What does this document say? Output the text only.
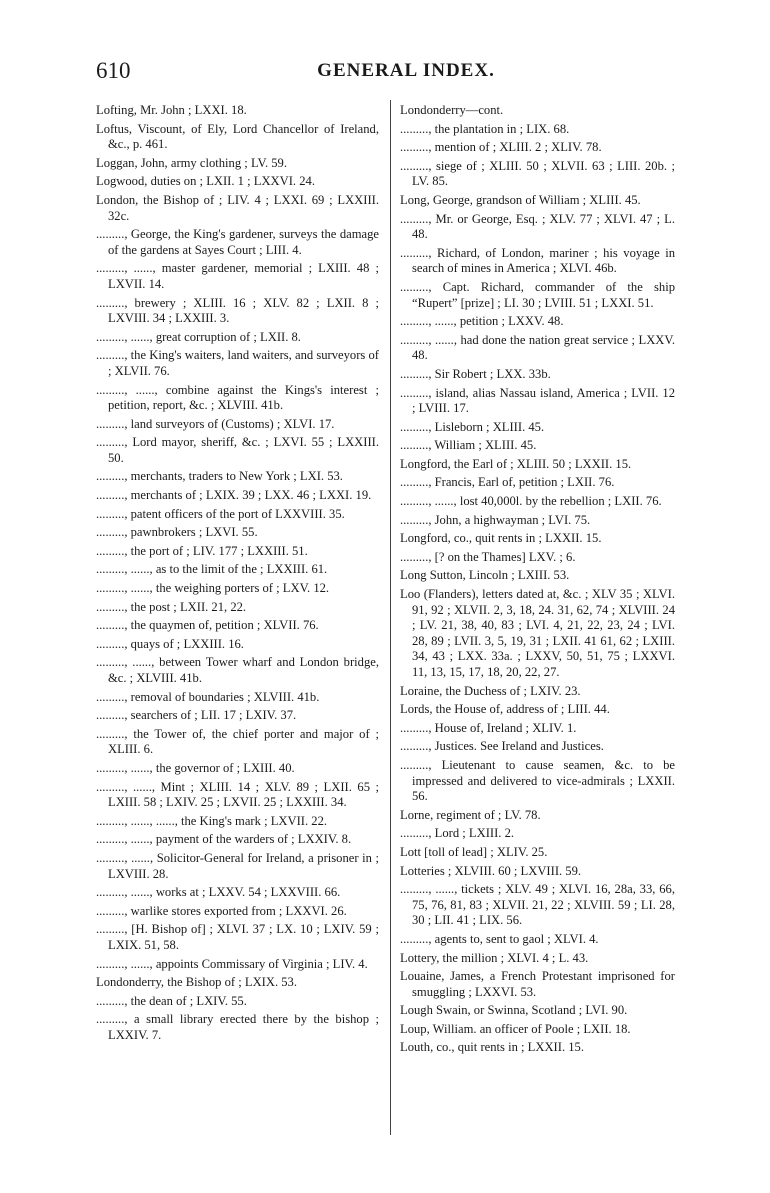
610	GENERAL INDEX.
Lofting, Mr. John ; LXXI. 18.
Loftus, Viscount, of Ely, Lord Chancellor of Ireland, &c., p. 461.
Loggan, John, army clothing ; LV. 59.
Logwood, duties on ; LXII. 1 ; LXXVI. 24.
London, the Bishop of ; LIV. 4 ; LXXI. 69 ; LXXIII. 32c.
........., George, the King's gardener, surveys the damage of the gardens at Sayes Court ; LIII. 4.
........., ......, master gardener, memorial ; LXIII. 48 ; LXVII. 14.
........., brewery ; XLIII. 16 ; XLV. 82 ; LXII. 8 ; LXVIII. 34 ; LXXIII. 3.
........., ......, great corruption of ; LXII. 8.
........., the King's waiters, land waiters, and surveyors of ; XLVII. 76.
........., ......, combine against the Kings's interest ; petition, report, &c. ; XLVIII. 41b.
........., land surveyors of (Customs) ; XLVI. 17.
........., Lord mayor, sheriff, &c. ; LXVI. 55 ; LXXIII. 50.
........., merchants, traders to New York ; LXI. 53.
........., merchants of ; LXIX. 39 ; LXX. 46 ; LXXI. 19.
........., patent officers of the port of LXXVIII. 35.
........., pawnbrokers ; LXVI. 55.
........., the port of ; LIV. 177 ; LXXIII. 51.
........., ......, as to the limit of the ; LXXIII. 61.
........., ......, the weighing porters of ; LXV. 12.
........., the post ; LXII. 21, 22.
........., the quaymen of, petition ; XLVII. 76.
........., quays of ; LXXIII. 16.
........., ......, between Tower wharf and London bridge, &c. ; XLVIII. 41b.
........., removal of boundaries ; XLVIII. 41b.
........., searchers of ; LII. 17 ; LXIV. 37.
........., the Tower of, the chief porter and major of ; XLIII. 6.
........., ......, the governor of ; LXIII. 40.
........., ......, Mint ; XLIII. 14 ; XLV. 89 ; LXII. 65 ; LXIII. 58 ; LXIV. 25 ; LXVII. 25 ; LXXIII. 34.
........., ......, ......, the King's mark ; LXVII. 22.
........., ......, payment of the warders of ; LXXIV. 8.
........., ......, Solicitor-General for Ireland, a prisoner in ; LXVIII. 28.
........., ......, works at ; LXXV. 54 ; LXXVIII. 66.
........., warlike stores exported from ; LXXVI. 26.
........., [H. Bishop of] ; XLVI. 37 ; LX. 10 ; LXIV. 59 ; LXIX. 51, 58.
........., ......, appoints Commissary of Virginia ; LIV. 4.
Londonderry, the Bishop of ; LXIX. 53.
........., the dean of ; LXIV. 55.
........., a small library erected there by the bishop ; LXXIV. 7.
Londonderry—cont.
........., the plantation in ; LIX. 68.
........., mention of ; XLIII. 2 ; XLIV. 78.
........., siege of ; XLIII. 50 ; XLVII. 63 ; LIII. 20b. ; LV. 85.
Long, George, grandson of William ; XLIII. 45.
........., Mr. or George, Esq. ; XLV. 77 ; XLVI. 47 ; L. 48.
........., Richard, of London, mariner ; his voyage in search of mines in America ; XLVI. 46b.
........., Capt. Richard, commander of the ship “Rupert” [prize] ; LI. 30 ; LVIII. 51 ; LXXI. 51.
........., ......, petition ; LXXV. 48.
........., ......, had done the nation great service ; LXXV. 48.
........., Sir Robert ; LXX. 33b.
........., island, alias Nassau island, America ; LVII. 12 ; LVIII. 17.
........., Lisleborn ; XLIII. 45.
........., William ; XLIII. 45.
Longford, the Earl of ; XLIII. 50 ; LXXII. 15.
........., Francis, Earl of, petition ; LXII. 76.
........., ......, lost 40,000l. by the rebellion ; LXII. 76.
........., John, a highwayman ; LVI. 75.
Longford, co., quit rents in ; LXXII. 15.
........., [? on the Thames] LXV. ; 6.
Long Sutton, Lincoln ; LXIII. 53.
Loo (Flanders), letters dated at, &c. ; XLV 35 ; XLVI. 91, 92 ; XLVII. 2, 3, 18, 24. 31, 62, 74 ; XLVIII. 24 ; LV. 21, 38, 40, 83 ; LVI. 4, 21, 22, 23, 24 ; LVI. 28, 89 ; LVII. 3, 5, 19, 31 ; LXII. 41 61, 62 ; LXIII. 34, 43 ; LXX. 33a. ; LXXV, 50, 51, 75 ; LXXVI. 11, 13, 15, 17, 18, 20, 22, 27.
Loraine, the Duchess of ; LXIV. 23.
Lords, the House of, address of ; LIII. 44.
........., House of, Ireland ; XLIV. 1.
........., Justices. See Ireland and Justices.
........., Lieutenant to cause seamen, &c. to be impressed and delivered to vice-admirals ; LXXII. 56.
Lorne, regiment of ; LV. 78.
........., Lord ; LXIII. 2.
Lott [toll of lead] ; XLIV. 25.
Lotteries ; XLVIII. 60 ; LXVIII. 59.
........., ......, tickets ; XLV. 49 ; XLVI. 16, 28a, 33, 66, 75, 76, 81, 83 ; XLVII. 21, 22 ; XLVIII. 59 ; LI. 28, 30 ; LII. 41 ; LIX. 56.
........., agents to, sent to gaol ; XLVI. 4.
Lottery, the million ; XLVI. 4 ; L. 43.
Louaine, James, a French Protestant imprisoned for smuggling ; LXXVI. 53.
Lough Swain, or Swinna, Scotland ; LVI. 90.
Loup, William. an officer of Poole ; LXII. 18.
Louth, co., quit rents in ; LXXII. 15.
